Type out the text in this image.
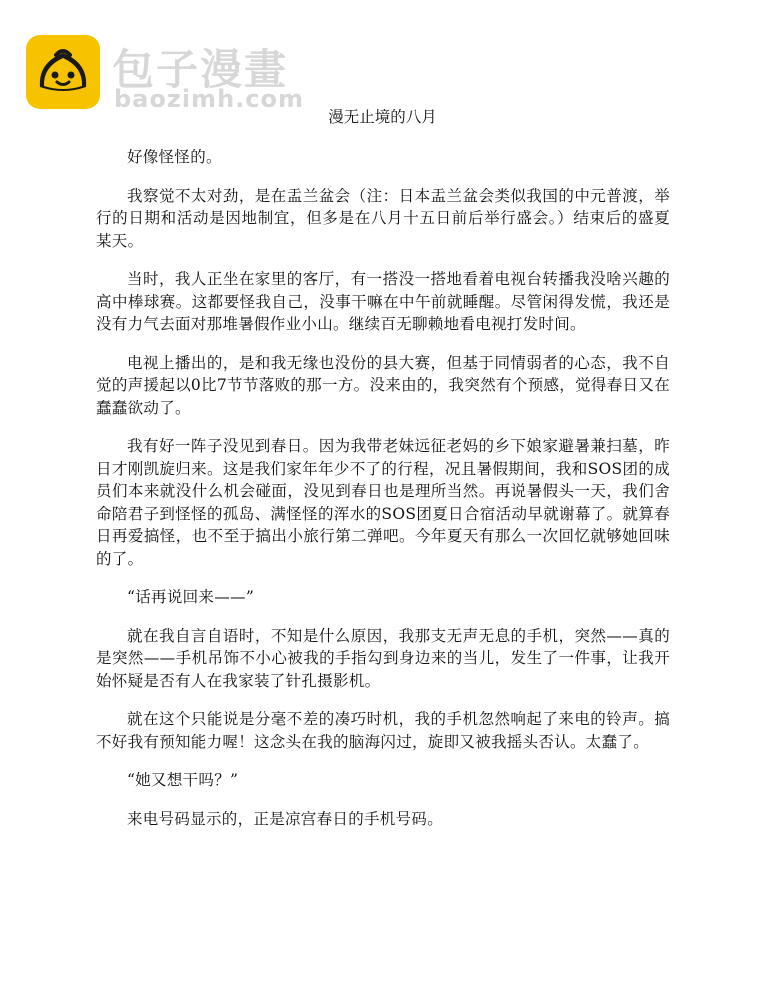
包子漫畫
baozimh.com
漫无止境的八月

好像怪怪的。

我察觉不太对劲，是在盂兰盆会（注：日本盂兰盆会类似我国的中元普渡，举行的日期和活动是因地制宜，但多是在八月十五日前后举行盛会。）结束后的盛夏某天。

当时，我人正坐在家里的客厅，有一搭没一搭地看着电视台转播我没啥兴趣的高中棒球赛。这都要怪我自己，没事干嘛在中午前就睡醒。尽管闲得发慌，我还是没有力气去面对那堆暑假作业小山。继续百无聊赖地看电视打发时间。

电视上播出的，是和我无缘也没份的县大赛，但基于同情弱者的心态，我不自觉的声援起以0比7节节落败的那一方。没来由的，我突然有个预感，觉得春日又在蠢蠢欲动了。

我有好一阵子没见到春日。因为我带老妹远征老妈的乡下娘家避暑兼扫墓，昨日才刚凯旋归来。这是我们家年年少不了的行程，况且暑假期间，我和SOS团的成员们本来就没什么机会碰面，没见到春日也是理所当然。再说暑假头一天，我们舍命陪君子到怪怪的孤岛、满怪怪的浑水的SOS团夏日合宿活动早就谢幕了。就算春日再爱搞怪，也不至于搞出小旅行第二弹吧。今年夏天有那么一次回忆就够她回味的了。

“话再说回来——”

就在我自言自语时，不知是什么原因，我那支无声无息的手机，突然——真的是突然——手机吊饰不小心被我的手指勾到身边来的当儿，发生了一件事，让我开始怀疑是否有人在我家装了针孔摄影机。

就在这个只能说是分毫不差的凑巧时机，我的手机忽然响起了来电的铃声。搞不好我有预知能力喔！这念头在我的脑海闪过，旋即又被我摇头否认。太蠢了。

“她又想干吗？”

来电号码显示的，正是凉宫春日的手机号码。
